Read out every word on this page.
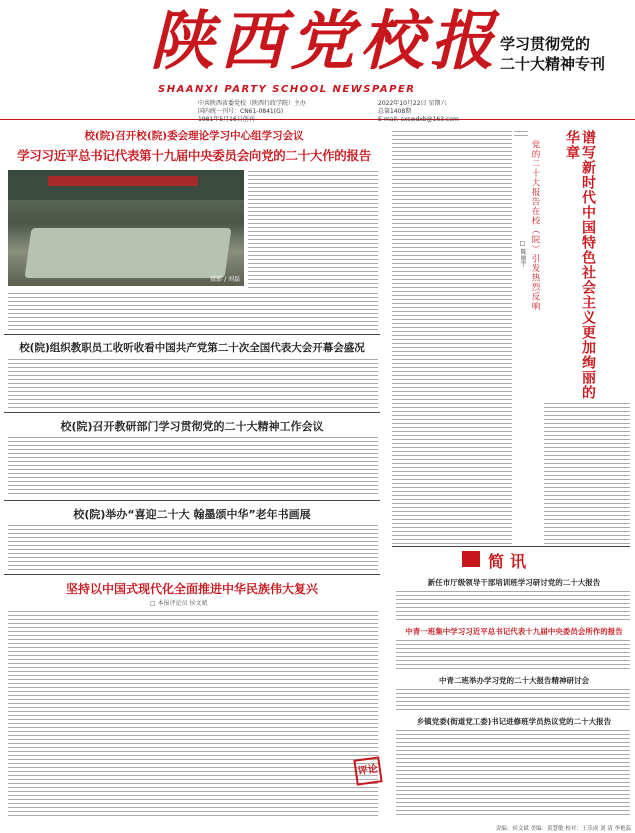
陕西党校报
SHAANXI PARTY SCHOOL NEWSPAPER
学习贯彻党的
二十大精神专刊
中共陕西省委党校（陕西行政学院）主办
国内统一刊号：CN61-0841(G)
1981年5月16日创刊
2022年10月22日 星期六
总第1408期
E-mail: sxswdxb@163.com
校(院)召开校(院)委会理论学习中心组学习会议
学习习近平总书记代表第十九届中央委员会向党的二十大作的报告
摄影 / 刘磊
校(院)组织教职员工收听收看中国共产党第二十次全国代表大会开幕会盛况
校(院)召开教研部门学习贯彻党的二十大精神工作会议
校(院)举办“喜迎二十大 翰墨颂中华”老年书画展
坚持以中国式现代化全面推进中华民族伟大复兴
□ 本报评论员 侯文斌
评论
谱写新时代中国特色社会主义更加绚丽的华章
党的二十大报告在校（院）引发热烈反响
□ 陈丽宇
简讯
新任市厅级领导干部培训班学习研讨党的二十大报告
中青一班集中学习习近平总书记代表十九届中央委员会所作的报告
中青二班举办学习党的二十大报告精神研讨会
乡镇党委(街道党工委)书记进修班学员热议党的二十大报告
责编：侯文斌 美编：黄慧敏 校对：王乐成 刘 清 李艳蕊
